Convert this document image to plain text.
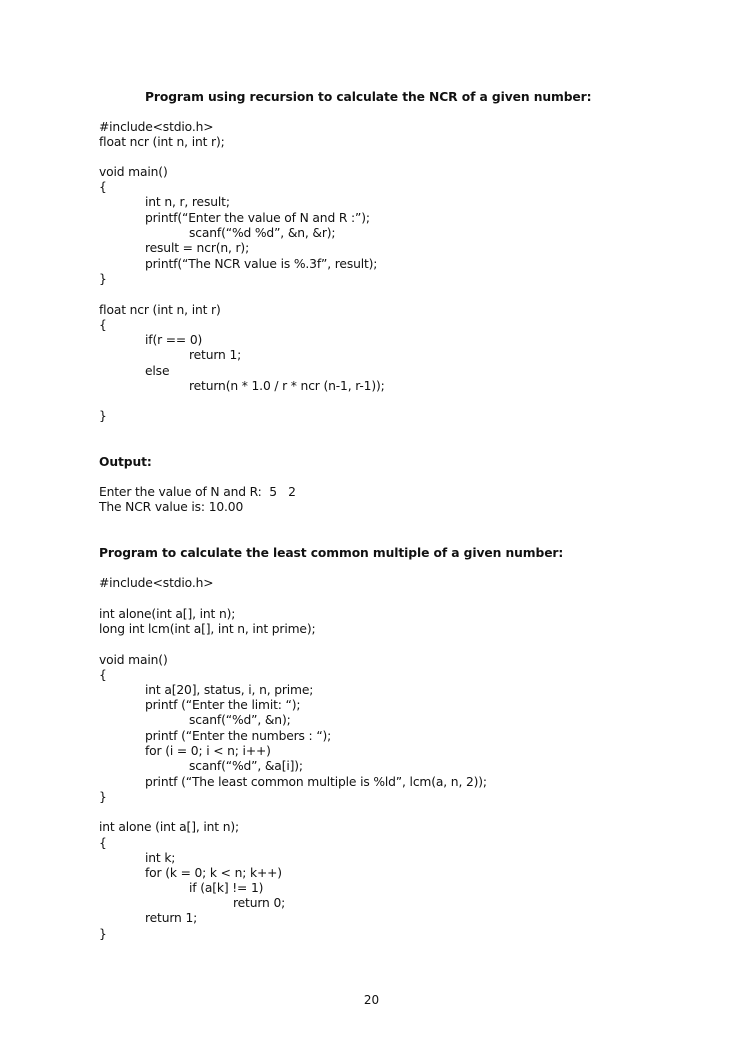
Program using recursion to calculate the NCR of a given number:
#include<stdio.h>
float ncr (int n, int r);
void main()
{
int n, r, result;
printf(“Enter the value of N and R :”);
scanf(“%d %d”, &n, &r);
result = ncr(n, r);
printf(“The NCR value is %.3f”, result);
}
float ncr (int n, int r)
{
if(r == 0)
return 1;
else
return(n * 1.0 / r * ncr (n-1, r-1));
}
Output:
Enter the value of N and R:  5   2
The NCR value is: 10.00
Program to calculate the least common multiple of a given number:
#include<stdio.h>
int alone(int a[], int n);
long int lcm(int a[], int n, int prime);
void main()
{
int a[20], status, i, n, prime;
printf (“Enter the limit: “);
scanf(“%d”, &n);
printf (“Enter the numbers : “);
for (i = 0; i < n; i++)
scanf(“%d”, &a[i]);
printf (“The least common multiple is %ld”, lcm(a, n, 2));
}
int alone (int a[], int n);
{
int k;
for (k = 0; k < n; k++)
if (a[k] != 1)
return 0;
return 1;
}
20
